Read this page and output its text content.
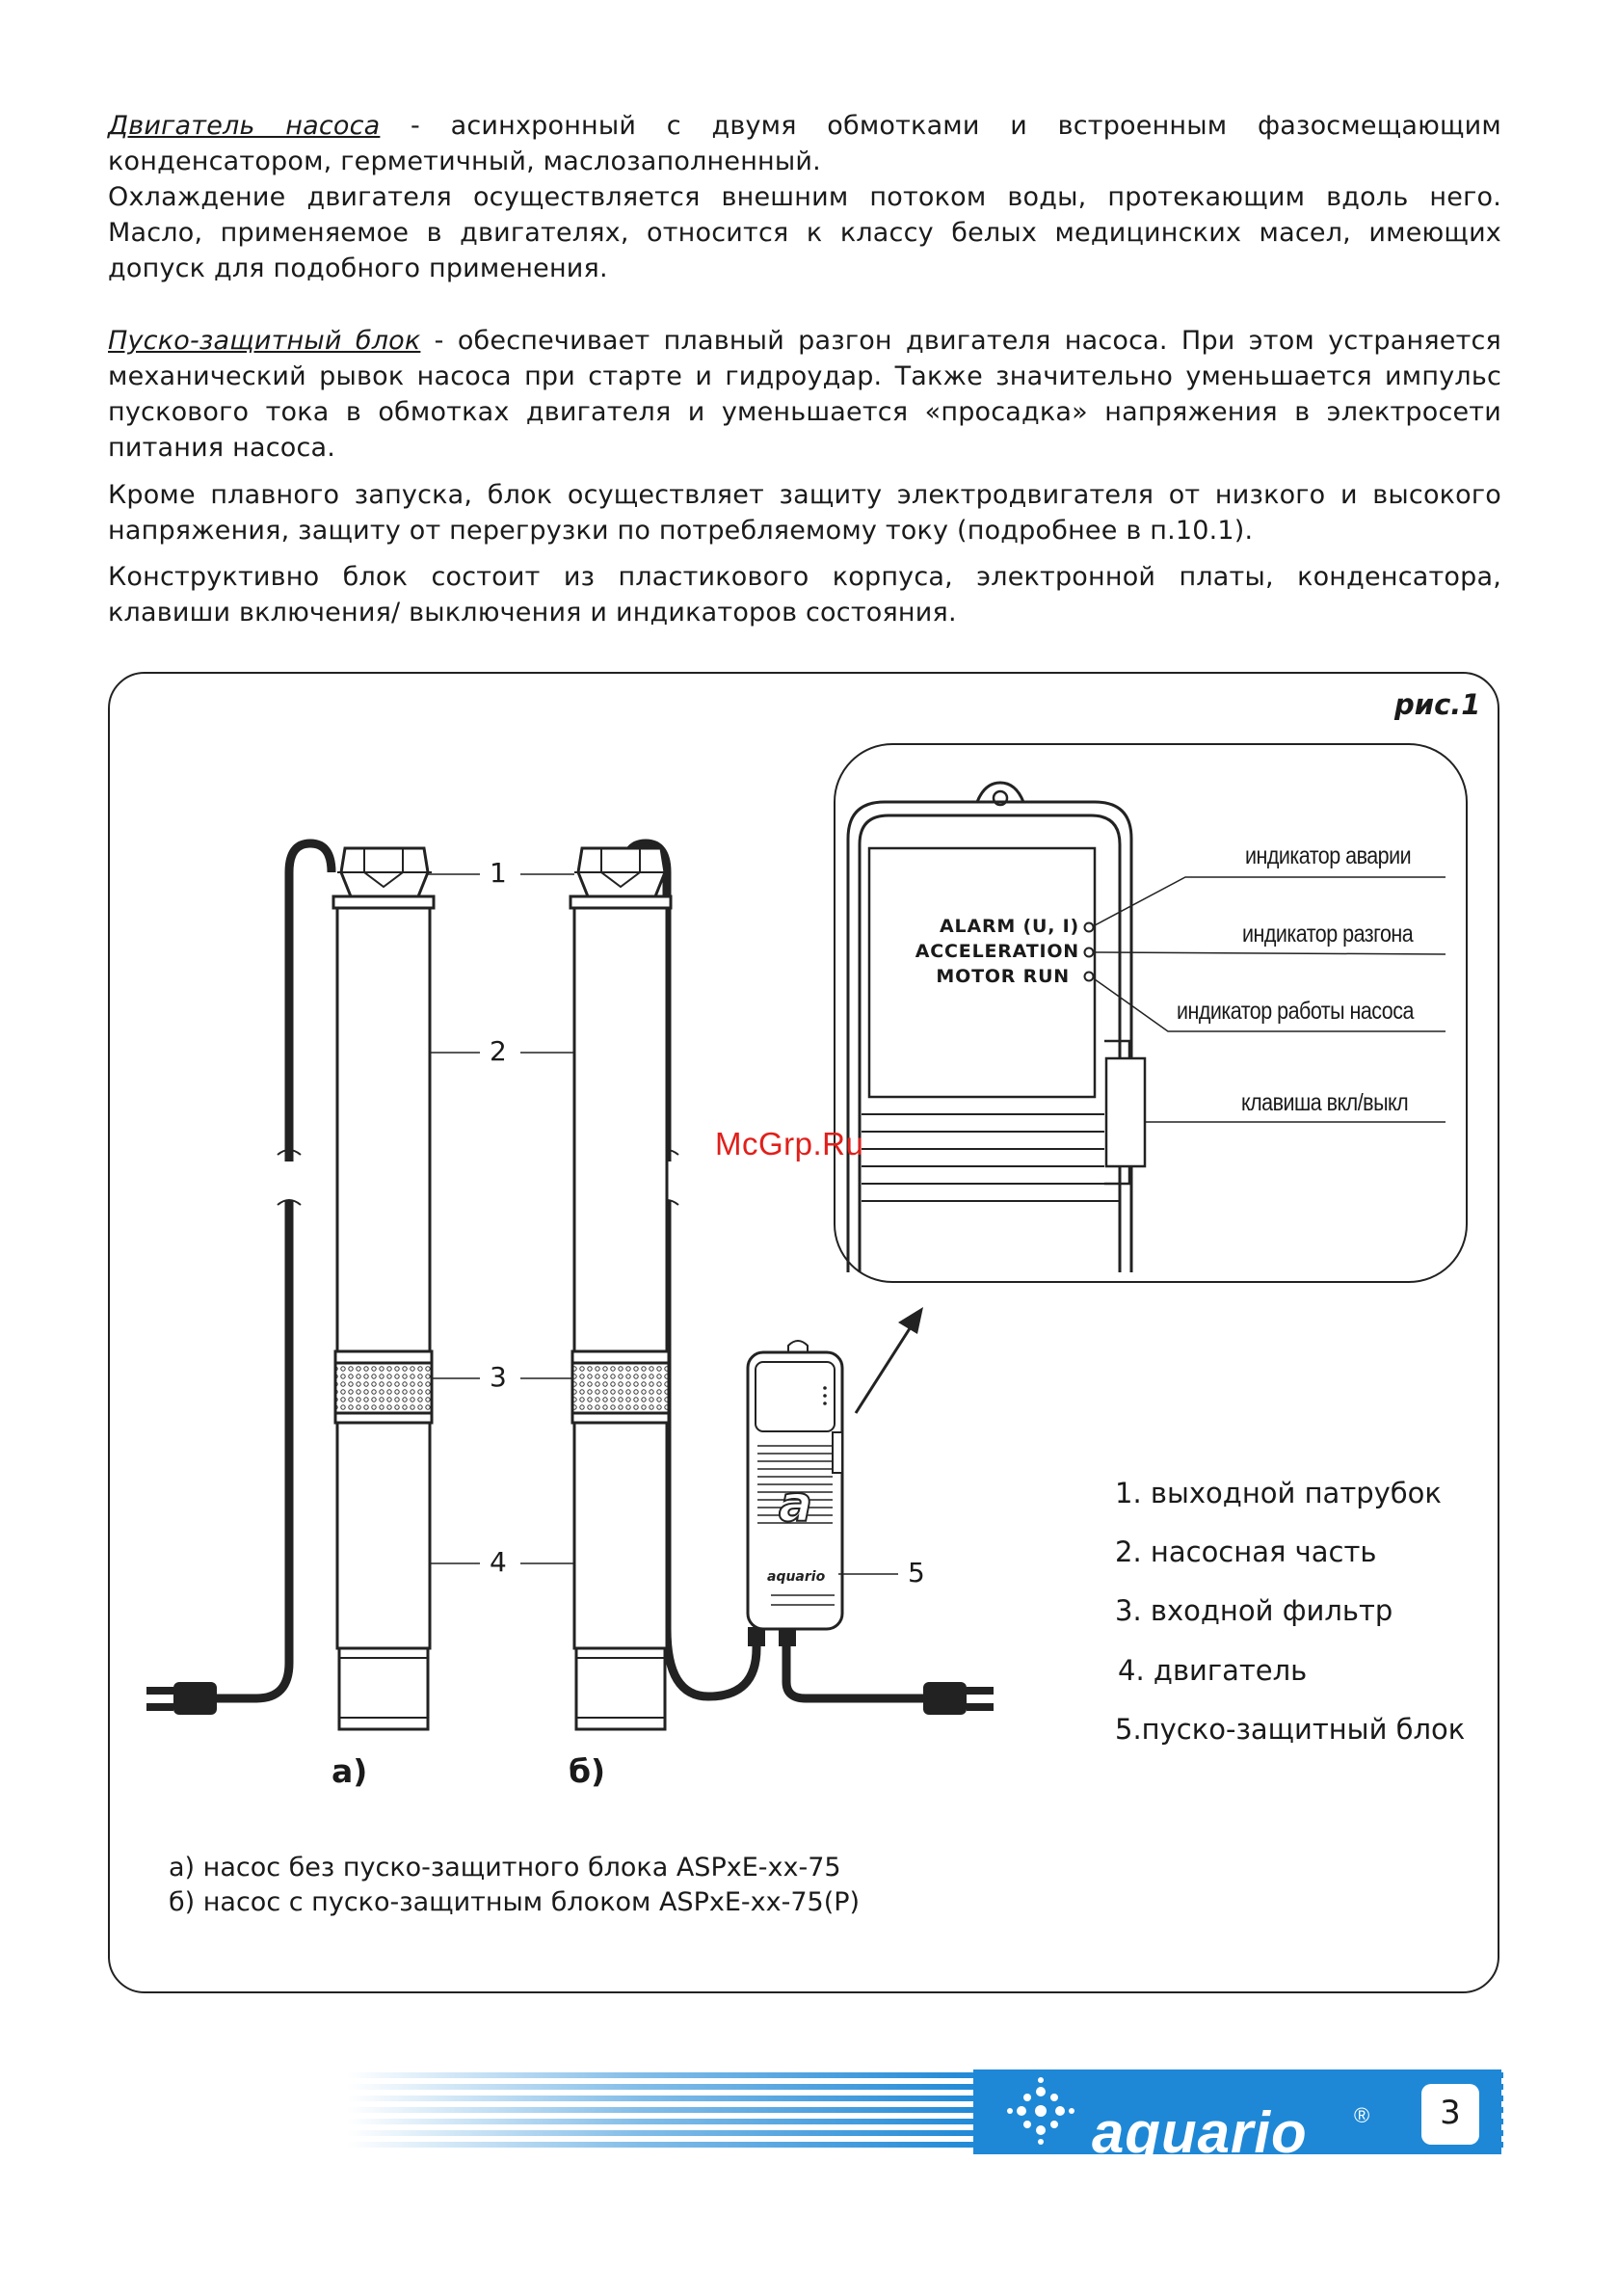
Двигатель насоса - асинхронный с двумя обмотками и встроенным фазосмещающим конденсатором, герметичный, маслозаполненный.

Охлаждение двигателя осуществляется внешним потоком воды, протекающим вдоль него. Масло, применяемое в двигателях, относится к классу белых медицинских масел, имеющих допуск для подобного применения.

Пуско-защитный блок - обеспечивает плавный разгон двигателя насоса. При этом устраняется механический рывок насоса при старте и гидроудар. Также значительно уменьшается импульс пускового тока в обмотках двигателя и уменьшается «просадка» напряжения в электросети питания насоса.

Кроме плавного запуска, блок осуществляет защиту электродвигателя от низкого и высокого напряжения, защиту от перегрузки по потребляемому току (подробнее в п.10.1).

Конструктивно блок состоит из пластикового корпуса, электронной платы, конденсатора, клавиши включения/ выключения и индикаторов состояния.

рис.1
a
aquario
1
2
3
4	5
ALARM (U, I)
ACCELERATION
MOTOR RUN
индикатор аварии
индикатор разгона
индикатор работы насоса
клавиша вкл/выкл
1. выходной патрубок
2. насосная часть
3. входной фильтр
4. двигатель
5.пуско-защитный блок
а)	б)
а) насос без пуско-защитного блока ASPxE-xx-75
б) насос с пуско-защитным блоком ASPxE-xx-75(P)
McGrp.Ru
aquario ®	3
